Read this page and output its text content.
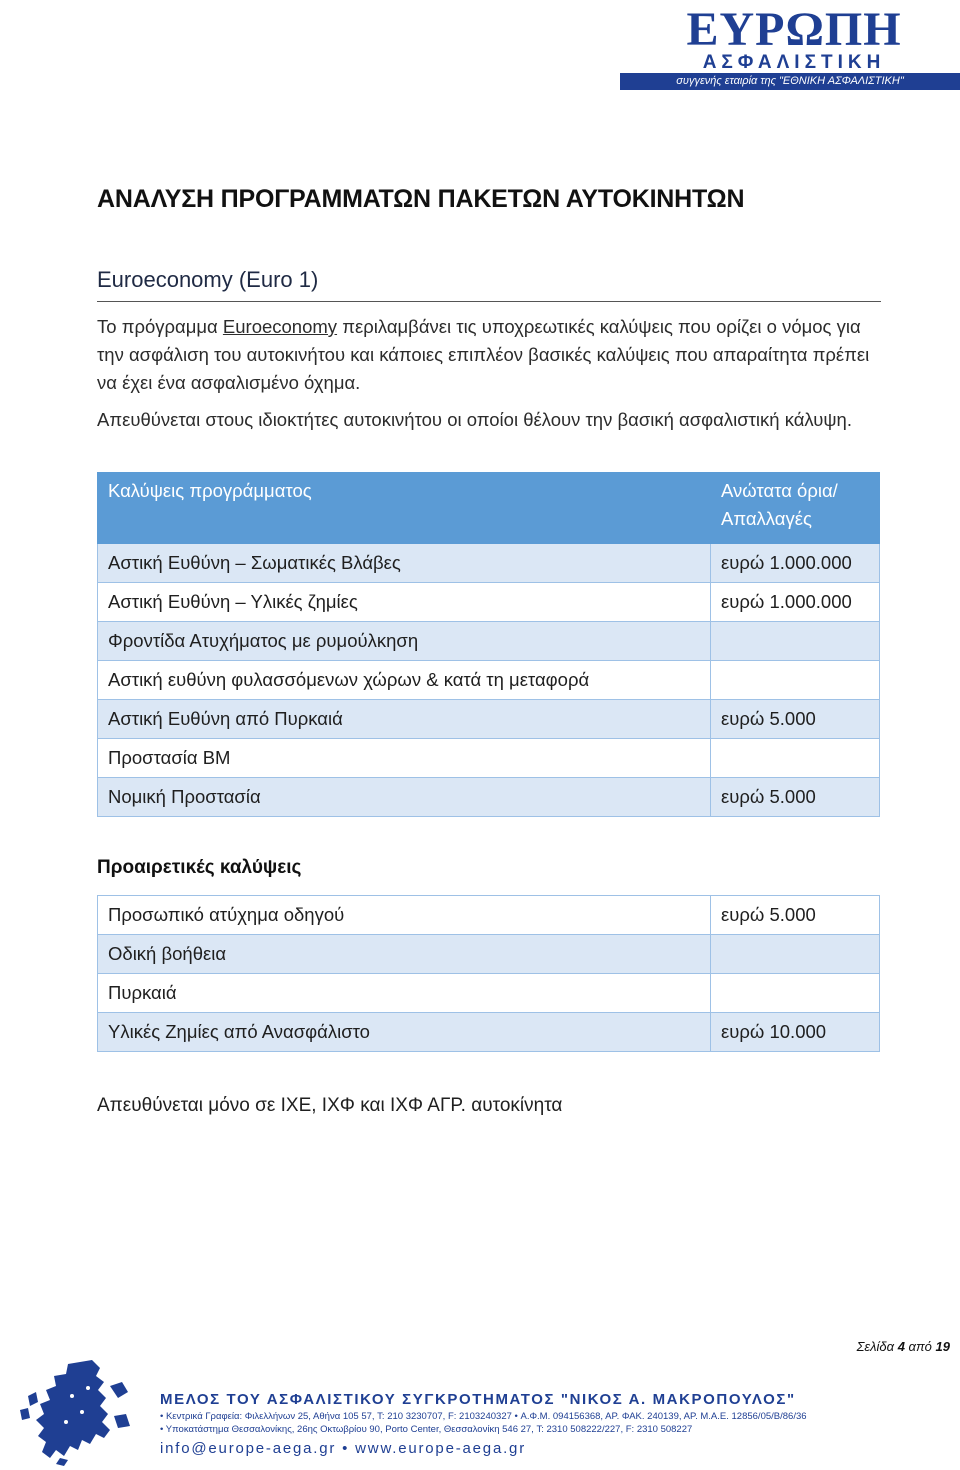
ΕΥΡΩΠΗ
ΑΣΦΑΛΙΣΤΙΚΗ
συγγενής εταιρία της "ΕΘΝΙΚΗ ΑΣΦΑΛΙΣΤΙΚΗ"
ΑΝΑΛΥΣΗ ΠΡΟΓΡΑΜΜΑΤΩΝ ΠΑΚΕΤΩΝ ΑΥΤΟΚΙΝΗΤΩΝ
Euroeconomy (Euro 1)

Το πρόγραμμα Euroeconomy περιλαμβάνει τις υποχρεωτικές καλύψεις που ορίζει ο νόμος για την ασφάλιση του αυτοκινήτου και κάποιες επιπλέον βασικές καλύψεις που απαραίτητα πρέπει να έχει ένα ασφαλισμένο όχημα.

Απευθύνεται στους ιδιοκτήτες αυτοκινήτου οι οποίοι θέλουν την βασική ασφαλιστική κάλυψη.

Καλύψεις προγράμματος	Ανώτατα όρια/ Απαλλαγές
Αστική Ευθύνη – Σωματικές Βλάβες	ευρώ 1.000.000
Αστική Ευθύνη – Υλικές ζημίες	ευρώ 1.000.000
Φροντίδα Ατυχήματος με ρυμούλκηση	
Αστική ευθύνη φυλασσόμενων χώρων & κατά τη μεταφορά	
Αστική Ευθύνη από Πυρκαιά	ευρώ 5.000
Προστασία ΒΜ	
Νομική Προστασία	ευρώ 5.000
Προαιρετικές καλύψεις
Προσωπικό ατύχημα οδηγού	ευρώ 5.000
Οδική βοήθεια	
Πυρκαιά	
Υλικές Ζημίες από Ανασφάλιστο	ευρώ 10.000
Απευθύνεται μόνο σε ΙΧΕ, ΙΧΦ και ΙΧΦ ΑΓΡ. αυτοκίνητα
Σελίδα 4 από 19
ΜΕΛΟΣ ΤΟΥ ΑΣΦΑΛΙΣΤΙΚΟΥ ΣΥΓΚΡΟΤΗΜΑΤΟΣ "ΝΙΚΟΣ Α. ΜΑΚΡΟΠΟΥΛΟΣ"
• Κεντρικά Γραφεία: Φιλελλήνων 25, Αθήνα 105 57, T: 210 3230707, F: 2103240327 • Α.Φ.Μ. 094156368, ΑΡ. ΦΑΚ. 240139, ΑΡ. Μ.Α.Ε. 12856/05/Β/86/36
• Υποκατάστημα Θεσσαλονίκης, 26ης Οκτωβρίου 90, Porto Center, Θεσσαλονίκη 546 27, T: 2310 508222/227, F: 2310 508227
info@europe-aega.gr • www.europe-aega.gr
